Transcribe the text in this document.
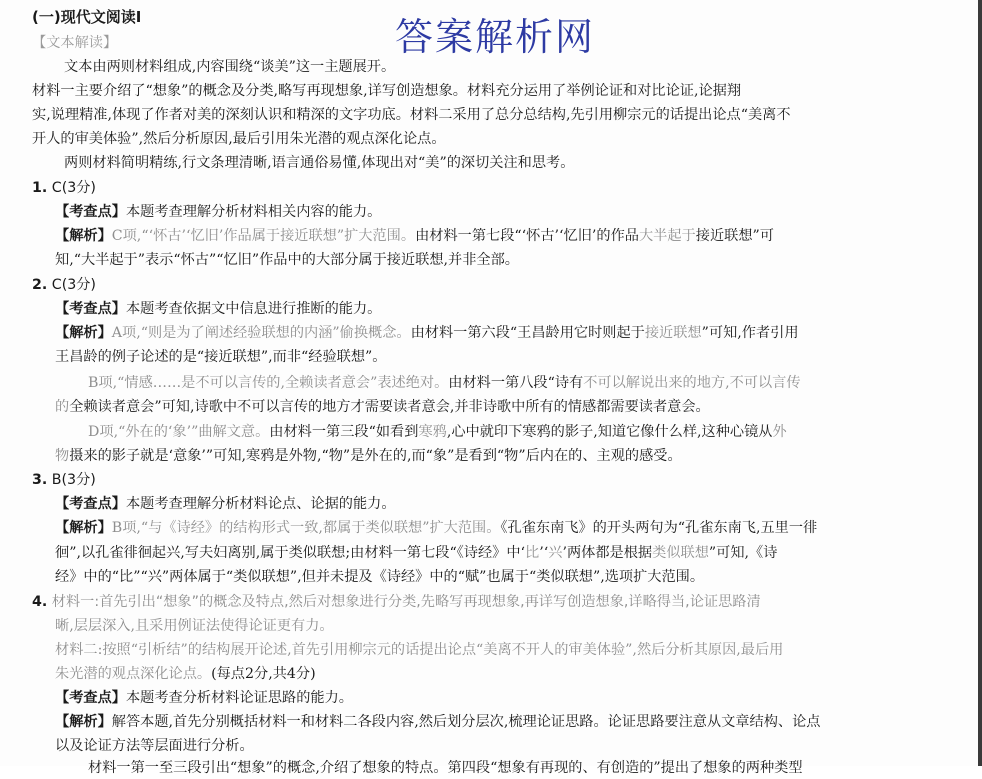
答案解析网
(一)现代文阅读Ⅰ
【文本解读】
文本由两则材料组成,内容围绕“谈美”这一主题展开。
材料一主要介绍了“想象”的概念及分类,略写再现想象,详写创造想象。材料充分运用了举例论证和对比论证,论据翔
实,说理精准,体现了作者对美的深刻认识和精深的文字功底。材料二采用了总分总结构,先引用柳宗元的话提出论点“美离不
开人的审美体验”,然后分析原因,最后引用朱光潜的观点深化论点。
两则材料简明精练,行文条理清晰,语言通俗易懂,体现出对“美”的深切关注和思考。
1. C(3分)
【考查点】本题考查理解分析材料相关内容的能力。
【解析】C项,“‘怀古’‘忆旧’作品属于接近联想”扩大范围。由材料一第七段“‘怀古’‘忆旧’的作品大半起于接近联想”可
知,“大半起于”表示“怀古”“忆旧”作品中的大部分属于接近联想,并非全部。
2. C(3分)
【考查点】本题考查依据文中信息进行推断的能力。
【解析】A项,“则是为了阐述经验联想的内涵”偷换概念。由材料一第六段“王昌龄用它时则起于接近联想”可知,作者引用
王昌龄的例子论述的是“接近联想”,而非“经验联想”。
B项,“情感……是不可以言传的,全赖读者意会”表述绝对。由材料一第八段“诗有不可以解说出来的地方,不可以言传
的全赖读者意会”可知,诗歌中不可以言传的地方才需要读者意会,并非诗歌中所有的情感都需要读者意会。
D项,“外在的‘象’”曲解文意。由材料一第三段“如看到寒鸦,心中就印下寒鸦的影子,知道它像什么样,这种心镜从外
物摄来的影子就是‘意象’”可知,寒鸦是外物,“物”是外在的,而“象”是看到“物”后内在的、主观的感受。
3. B(3分)
【考查点】本题考查理解分析材料论点、论据的能力。
【解析】B项,“与《诗经》的结构形式一致,都属于类似联想”扩大范围。《孔雀东南飞》的开头两句为“孔雀东南飞,五里一徘
徊”,以孔雀徘徊起兴,写夫妇离别,属于类似联想;由材料一第七段“《诗经》中‘比’‘兴’两体都是根据类似联想”可知,《诗
经》中的“比”“兴”两体属于“类似联想”,但并未提及《诗经》中的“赋”也属于“类似联想”,选项扩大范围。
4. 材料一:首先引出“想象”的概念及特点,然后对想象进行分类,先略写再现想象,再详写创造想象,详略得当,论证思路清
晰,层层深入,且采用例证法使得论证更有力。
材料二:按照“引析结”的结构展开论述,首先引用柳宗元的话提出论点“美离不开人的审美体验”,然后分析其原因,最后用
朱光潜的观点深化论点。(每点2分,共4分)
【考查点】本题考查分析材料论证思路的能力。
【解析】解答本题,首先分别概括材料一和材料二各段内容,然后划分层次,梳理论证思路。论证思路要注意从文章结构、论点
以及论证方法等层面进行分析。
材料一第一至三段引出“想象”的概念,介绍了想象的特点。第四段“想象有再现的、有创造的”提出了想象的两种类型
